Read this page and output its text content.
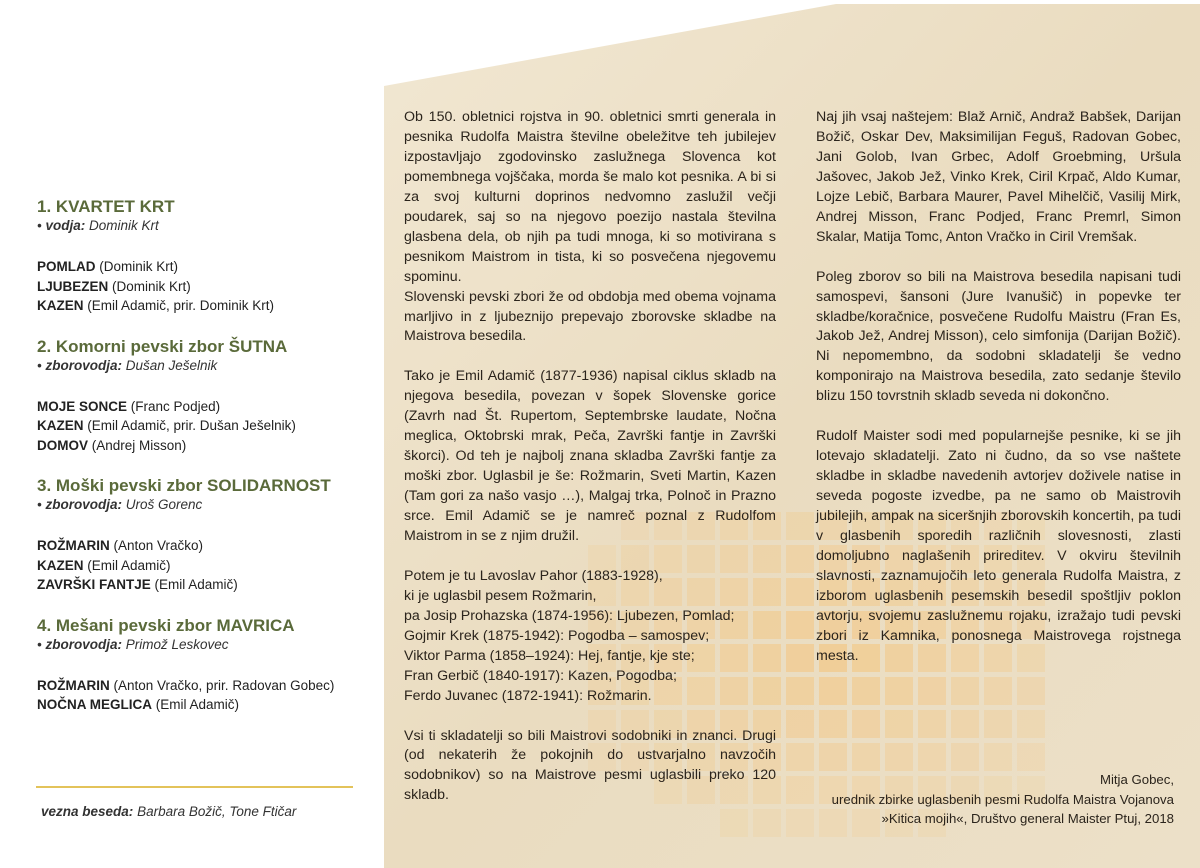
1. KVARTET KRT
• vodja: Dominik Krt
POMLAD (Dominik Krt)
LJUBEZEN (Dominik Krt)
KAZEN (Emil Adamič, prir. Dominik Krt)
2. Komorni pevski zbor ŠUTNA
• zborovodja: Dušan Ješelnik
MOJE SONCE (Franc Podjed)
KAZEN (Emil Adamič, prir. Dušan Ješelnik)
DOMOV (Andrej Misson)
3. Moški pevski zbor SOLIDARNOST
• zborovodja: Uroš Gorenc
ROŽMARIN (Anton Vračko)
KAZEN (Emil Adamič)
ZAVRŠKI FANTJE (Emil Adamič)
4. Mešani pevski zbor MAVRICA
• zborovodja: Primož Leskovec
ROŽMARIN (Anton Vračko, prir. Radovan Gobec)
NOČNA MEGLICA (Emil Adamič)
vezna beseda: Barbara Božič, Tone Ftičar

Ob 150. obletnici rojstva in 90. obletnici smrti generala in pesnika Rudolfa Maistra številne obeležitve teh jubilejev izpostavljajo zgodovinsko zaslužnega Slovenca kot pomembnega vojščaka, morda še malo kot pesnika. A bi si za svoj kulturni doprinos nedvomno zaslužil večji poudarek, saj so na njegovo poezijo nastala številna glasbena dela, ob njih pa tudi mnoga, ki so motivirana s pesnikom Maistrom in tista, ki so posvečena njegovemu spominu.

Slovenski pevski zbori že od obdobja med obema vojnama marljivo in z ljubeznijo prepevajo zborovske skladbe na Maistrova besedila.

Tako je Emil Adamič (1877-1936) napisal ciklus skladb na njegova besedila, povezan v šopek Slovenske gorice (Zavrh nad Št. Rupertom, Septembrske laudate, Nočna meglica, Oktobrski mrak, Peča, Završki fantje in Završki škorci). Od teh je najbolj znana skladba Završki fantje za moški zbor. Uglasbil je še: Rožmarin, Sveti Martin, Kazen (Tam gori za našo vasjo …), Malgaj trka, Polnoč in Prazno srce. Emil Adamič se je namreč poznal z Rudolfom Maistrom in se z njim družil.

Potem je tu Lavoslav Pahor (1883-1928),
ki je uglasbil pesem Rožmarin,
pa Josip Prohazska (1874-1956): Ljubezen, Pomlad;
Gojmir Krek (1875-1942): Pogodba – samospev;
Viktor Parma (1858–1924): Hej, fantje, kje ste;
Fran Gerbič (1840-1917): Kazen, Pogodba;
Ferdo Juvanec (1872-1941): Rožmarin.

Vsi ti skladatelji so bili Maistrovi sodobniki in znanci. Drugi (od nekaterih že pokojnih do ustvarjalno navzočih sodobnikov) so na Maistrove pesmi uglasbili preko 120 skladb.

Naj jih vsaj naštejem: Blaž Arnič, Andraž Babšek, Darijan Božič, Oskar Dev, Maksimilijan Feguš, Radovan Gobec, Jani Golob, Ivan Grbec, Adolf Groebming, Uršula Jašovec, Jakob Jež, Vinko Krek, Ciril Krpač, Aldo Kumar, Lojze Lebič, Barbara Maurer, Pavel Mihelčič, Vasilij Mirk, Andrej Misson, Franc Podjed, Franc Premrl, Simon Skalar, Matija Tomc, Anton Vračko in Ciril Vremšak.

Poleg zborov so bili na Maistrova besedila napisani tudi samospevi, šansoni (Jure Ivanušič) in popevke ter skladbe/koračnice, posvečene Rudolfu Maistru (Fran Es, Jakob Jež, Andrej Misson), celo simfonija (Darijan Božič). Ni nepomembno, da sodobni skladatelji še vedno komponirajo na Maistrova besedila, zato sedanje število blizu 150 tovrstnih skladb seveda ni dokončno.

Rudolf Maister sodi med popularnejše pesnike, ki se jih lotevajo skladatelji. Zato ni čudno, da so vse naštete skladbe in skladbe navedenih avtorjev doživele natise in seveda pogoste izvedbe, pa ne samo ob Maistrovih jubilejih, ampak na siceršnjih zborovskih koncertih, pa tudi v glasbenih sporedih različnih slovesnosti, zlasti domoljubno naglašenih prireditev. V okviru številnih slavnosti, zaznamujočih leto generala Rudolfa Maistra, z izborom uglasbenih pesemskih besedil spoštljiv poklon avtorju, svojemu zaslužnemu rojaku, izražajo tudi pevski zbori iz Kamnika, ponosnega Maistrovega rojstnega mesta.

Mitja Gobec,
urednik zbirke uglasbenih pesmi Rudolfa Maistra Vojanova
»Kitica mojih«, Društvo general Maister Ptuj, 2018
